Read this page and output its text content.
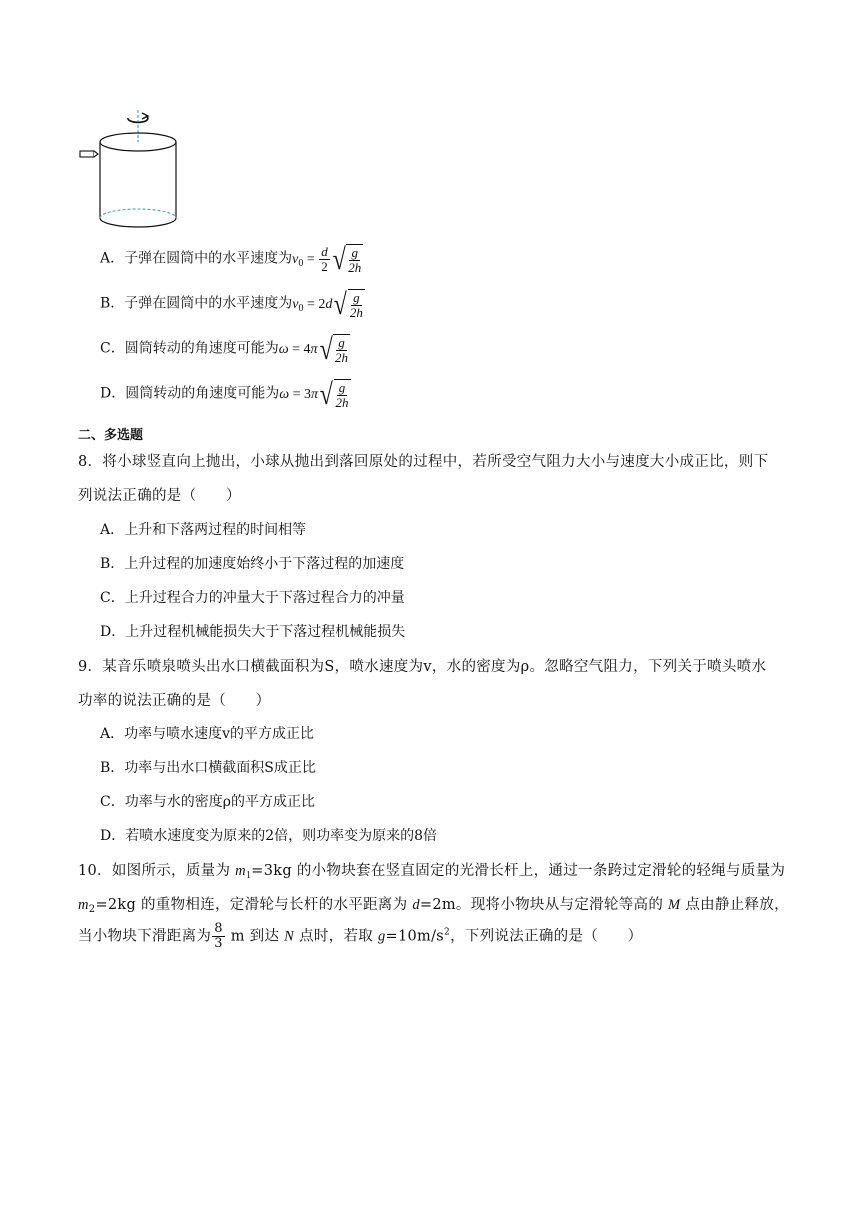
A．子弹在圆筒中的水平速度为$v_0 = \frac{d}{2}$ √ $\frac{g}{2h}$
B．子弹在圆筒中的水平速度为$v_0 = 2d$ √ $\frac{g}{2h}$
C．圆筒转动的角速度可能为ω = 4π √ $\frac{g}{2h}$
D．圆筒转动的角速度可能为ω = 3π √ $\frac{g}{2h}$
二、多选题
8．将小球竖直向上抛出，小球从抛出到落回原处的过程中，若所受空气阻力大小与速度大小成正比，则下
列说法正确的是（　　）
A．上升和下落两过程的时间相等
B．上升过程的加速度始终小于下落过程的加速度
C．上升过程合力的冲量大于下落过程合力的冲量
D．上升过程机械能损失大于下落过程机械能损失
9．某音乐喷泉喷头出水口横截面积为S，喷水速度为v，水的密度为ρ。忽略空气阻力，下列关于喷头喷水
功率的说法正确的是（　　）
A．功率与喷水速度v的平方成正比
B．功率与出水口横截面积S成正比
C．功率与水的密度ρ的平方成正比
D．若喷水速度变为原来的2倍，则功率变为原来的8倍
10．如图所示，质量为 $m_1=3kg$ 的小物块套在竖直固定的光滑长杆上，通过一条跨过定滑轮的轻绳与质量为
$m_2=2kg$ 的重物相连，定滑轮与长杆的水平距离为 d=2m。现将小物块从与定滑轮等高的 M 点由静止释放，
当小物块下滑距离为 $\frac{8}{3}$ m 到达 N 点时，若取 $g=10m/s^2$，下列说法正确的是（　　）
